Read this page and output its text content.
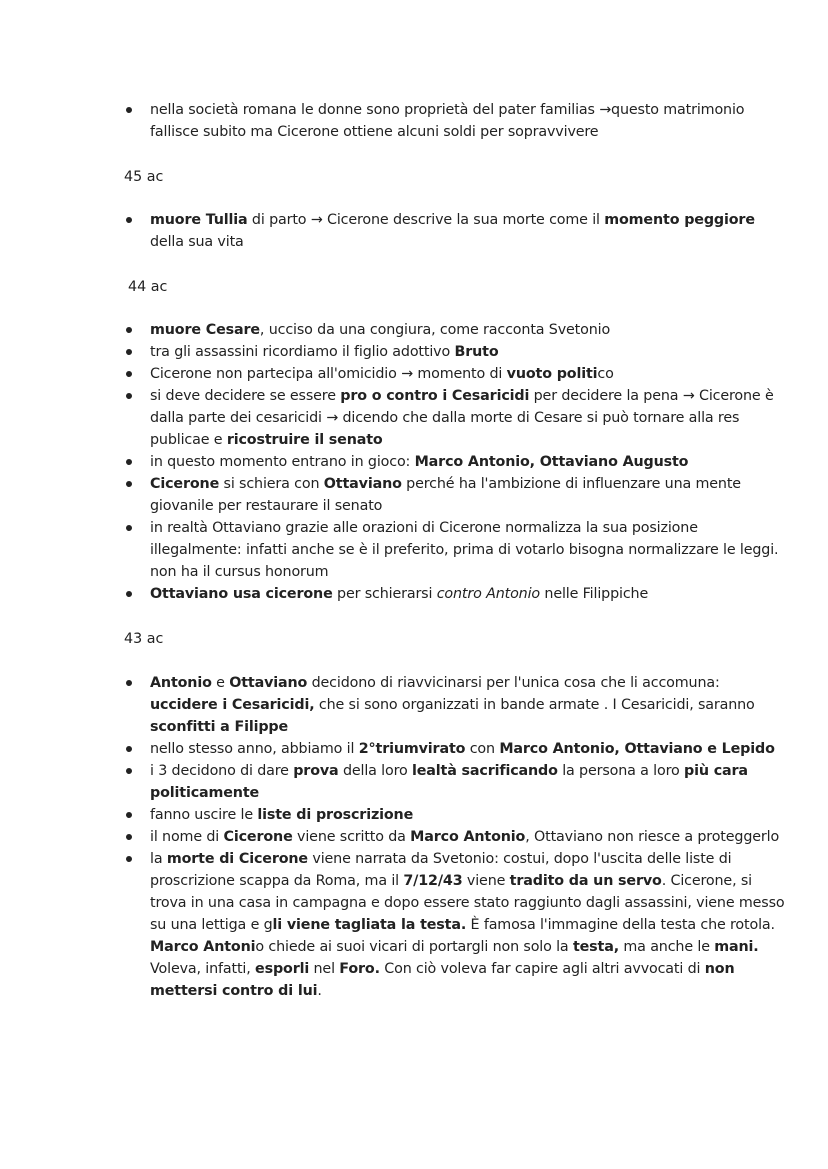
nella società romana le donne sono proprietà del pater familias →questo matrimonio fallisce subito ma Cicerone ottiene alcuni soldi per sopravvivere

45 ac

muore Tullia di parto → Cicerone descrive la sua morte come il momento peggiore della sua vita

44 ac

muore Cesare, ucciso da una congiura, come racconta Svetonio
tra gli assassini ricordiamo il figlio adottivo Bruto
Cicerone non partecipa all'omicidio → momento di vuoto politico
si deve decidere se essere pro o contro i Cesaricidi per decidere la pena → Cicerone è dalla parte dei cesaricidi → dicendo che dalla morte di Cesare si può tornare alla res publicae e ricostruire il senato
in questo momento entrano in gioco: Marco Antonio, Ottaviano Augusto
Cicerone si schiera con Ottaviano perché ha l'ambizione di influenzare una mente giovanile per restaurare il senato
in realtà Ottaviano grazie alle orazioni di Cicerone normalizza la sua posizione illegalmente: infatti anche se è il preferito, prima di votarlo bisogna normalizzare le leggi. non ha il cursus honorum
Ottaviano usa cicerone per schierarsi contro Antonio nelle Filippiche

43 ac

Antonio e Ottaviano decidono di riavvicinarsi per l'unica cosa che li accomuna: uccidere i Cesaricidi, che si sono organizzati in bande armate . I Cesaricidi, saranno sconfitti a Filippe
nello stesso anno, abbiamo il 2°triumvirato con Marco Antonio, Ottaviano e Lepido
i 3 decidono di dare prova della loro lealtà sacrificando la persona a loro più cara politicamente
fanno uscire le liste di proscrizione
il nome di Cicerone viene scritto da Marco Antonio, Ottaviano non riesce a proteggerlo
la morte di Cicerone viene narrata da Svetonio: costui, dopo l'uscita delle liste di proscrizione scappa da Roma, ma il 7/12/43 viene tradito da un servo. Cicerone, si trova in una casa in campagna e dopo essere stato raggiunto dagli assassini, viene messo su una lettiga e gli viene tagliata la testa. È famosa l'immagine della testa che rotola. Marco Antonio chiede ai suoi vicari di portargli non solo la testa, ma anche le mani. Voleva, infatti, esporli nel Foro. Con ciò voleva far capire agli altri avvocati di non mettersi contro di lui.
